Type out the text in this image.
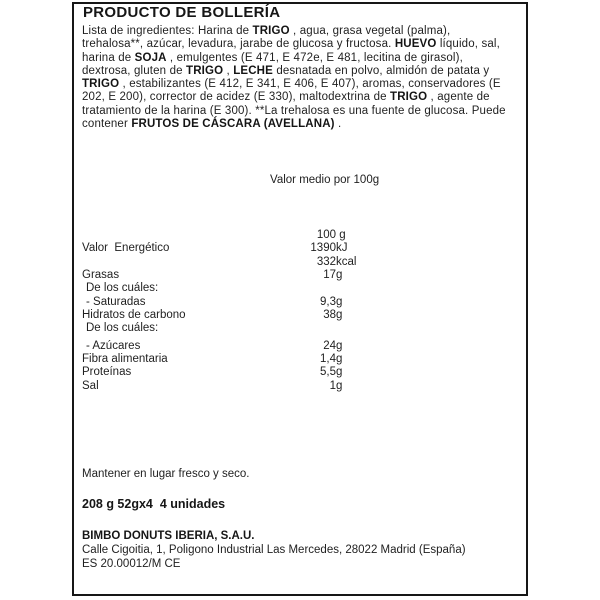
PRODUCTO DE BOLLERÍA
Lista de ingredientes: Harina de TRIGO , agua, grasa vegetal (palma),
trehalosa**, azúcar, levadura, jarabe de glucosa y fructosa. HUEVO líquido, sal,
harina de SOJA , emulgentes (E 471, E 472e, E 481, lecitina de girasol),
dextrosa, gluten de TRIGO , LECHE desnatada en polvo, almidón de patata y
TRIGO , estabilizantes (E 412, E 341, E 406, E 407), aromas, conservadores (E
202, E 200), corrector de acidez (E 330), maltodextrina de TRIGO , agente de
tratamiento de la harina (E 300). **La trehalosa es una fuente de glucosa. Puede
contener FRUTOS DE CÁSCARA (AVELLANA) .
Valor medio por 100g
100 g
Valor  Energético	1390 kJ
332 kcal
Grasas	17 g
De los cuáles:
- Saturadas	9,3 g
Hidratos de carbono	38 g
De los cuáles:
- Azúcares	24 g
Fibra alimentaria	1,4 g
Proteínas	5,5 g
Sal	1 g

Mantener en lugar fresco y seco.

208 g 52gx4  4 unidades

BIMBO DONUTS IBERIA, S.A.U.

Calle Cigoitia, 1, Poligono Industrial Las Mercedes, 28022 Madrid (España)

ES 20.00012/M CE
